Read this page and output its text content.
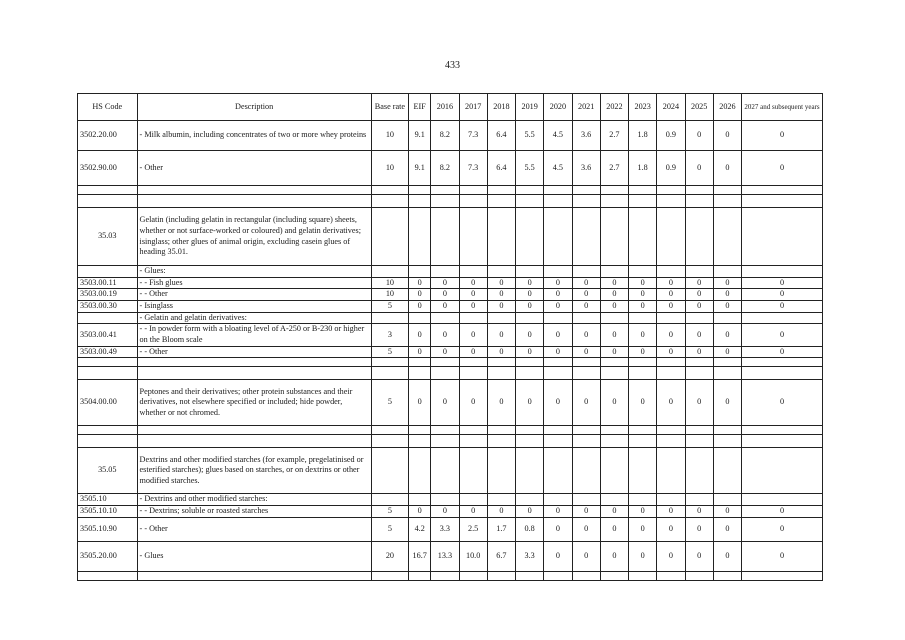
433
HS Code	Description	Base rate	EIF	2016	2017	2018	2019	2020	2021	2022	2023	2024	2025	2026	2027 and subsequent years
3502.20.00	- Milk albumin, including concentrates of two or more whey proteins	10	9.1	8.2	7.3	6.4	5.5	4.5	3.6	2.7	1.8	0.9	0	0	0
3502.90.00	- Other	10	9.1	8.2	7.3	6.4	5.5	4.5	3.6	2.7	1.8	0.9	0	0	0

35.03	Gelatin (including gelatin in rectangular (including square) sheets, whether or not surface-worked or coloured) and gelatin derivatives; isinglass; other glues of animal origin, excluding casein glues of heading 35.01.														
	- Glues:														
3503.00.11	- - Fish glues	10	0	0	0	0	0	0	0	0	0	0	0	0	0
3503.00.19	- - Other	10	0	0	0	0	0	0	0	0	0	0	0	0	0
3503.00.30	- Isinglass	5	0	0	0	0	0	0	0	0	0	0	0	0	0
	- Gelatin and gelatin derivatives:														
3503.00.41	- - In powder form with a bloating level of A-250 or B-230 or higher on the Bloom scale	3	0	0	0	0	0	0	0	0	0	0	0	0	0
3503.00.49	- - Other	5	0	0	0	0	0	0	0	0	0	0	0	0	0

3504.00.00	Peptones and their derivatives; other protein substances and their derivatives, not elsewhere specified or included; hide powder, whether or not chromed.	5	0	0	0	0	0	0	0	0	0	0	0	0	0

35.05	Dextrins and other modified starches (for example, pregelatinised or esterified starches); glues based on starches, or on dextrins or other modified starches.														
3505.10	- Dextrins and other modified starches:														
3505.10.10	- - Dextrins; soluble or roasted starches	5	0	0	0	0	0	0	0	0	0	0	0	0	0
3505.10.90	- - Other	5	4.2	3.3	2.5	1.7	0.8	0	0	0	0	0	0	0	0
3505.20.00	- Glues	20	16.7	13.3	10.0	6.7	3.3	0	0	0	0	0	0	0	0
